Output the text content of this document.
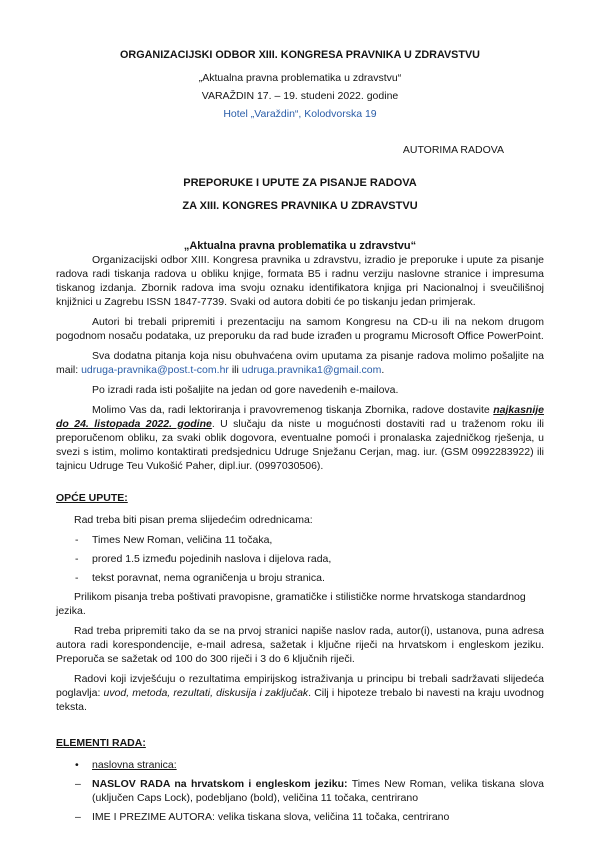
ORGANIZACIJSKI ODBOR XIII. KONGRESA PRAVNIKA U ZDRAVSTVU
„Aktualna pravna problematika u zdravstvu“
VARAŽDIN 17. – 19. studeni 2022. godine
Hotel „Varaždin“, Kolodvorska 19
AUTORIMA RADOVA
PREPORUKE I UPUTE ZA PISANJE RADOVA
ZA XIII. KONGRES PRAVNIKA U ZDRAVSTVU
„Aktualna pravna problematika u zdravstvu“

Organizacijski odbor XIII. Kongresa pravnika u zdravstvu, izradio je preporuke i upute za pisanje radova radi tiskanja radova u obliku knjige, formata B5 i radnu verziju naslovne stranice i impresuma tiskanog izdanja. Zbornik radova ima svoju oznaku identifikatora knjiga pri Nacionalnoj i sveučilišnoj knjižnici u Zagrebu ISSN 1847-7739. Svaki od autora dobiti će po tiskanju jedan primjerak.

Autori bi trebali pripremiti i prezentaciju na samom Kongresu na CD-u ili na nekom drugom pogodnom nosaču podataka, uz preporuku da rad bude izrađen u programu Microsoft Office PowerPoint.

Sva dodatna pitanja koja nisu obuhvaćena ovim uputama za pisanje radova molimo pošaljite na mail: udruga-pravnika@post.t-com.hr ili udruga.pravnika1@gmail.com.

Po izradi rada isti pošaljite na jedan od gore navedenih e-mailova.

Molimo Vas da, radi lektoriranja i pravovremenog tiskanja Zbornika, radove dostavite najkasnije do 24. listopada 2022. godine. U slučaju da niste u mogućnosti dostaviti rad u traženom roku ili preporučenom obliku, za svaki oblik dogovora, eventualne pomoći i pronalaska zajedničkog rješenja, u svezi s istim, molimo kontaktirati predsjednicu Udruge Snježanu Cerjan, mag. iur. (GSM 0992283922) ili tajnicu Udruge Teu Vukošić Paher, dipl.iur. (0997030506).

OPĆE UPUTE:

Rad treba biti pisan prema slijedećim odrednicama:

-	Times New Roman, veličina 11 točaka,
-	prored 1.5 između pojedinih naslova i dijelova rada,
-	tekst poravnat, nema ograničenja u broju stranica.

Prilikom pisanja treba poštivati pravopisne, gramatičke i stilističke norme hrvatskoga standardnog jezika.

Rad treba pripremiti tako da se na prvoj stranici napiše naslov rada, autor(i), ustanova, puna adresa autora radi korespondencije, e-mail adresa, sažetak i ključne riječi na hrvatskom i engleskom jeziku. Preporuča se sažetak od 100 do 300 riječi i 3 do 6 ključnih riječi.

Radovi koji izvješćuju o rezultatima empirijskog istraživanja u principu bi trebali sadržavati slijedeća poglavlja: uvod, metoda, rezultati, diskusija i zaključak. Cilj i hipoteze trebalo bi navesti na kraju uvodnog teksta.

ELEMENTI RADA:
•	naslovna stranica:
–	NASLOV RADA na hrvatskom i engleskom jeziku: Times New Roman, velika tiskana slova (uključen Caps Lock), podebljano (bold), veličina 11 točaka, centrirano
–	IME I PREZIME AUTORA: velika tiskana slova, veličina 11 točaka, centrirano
